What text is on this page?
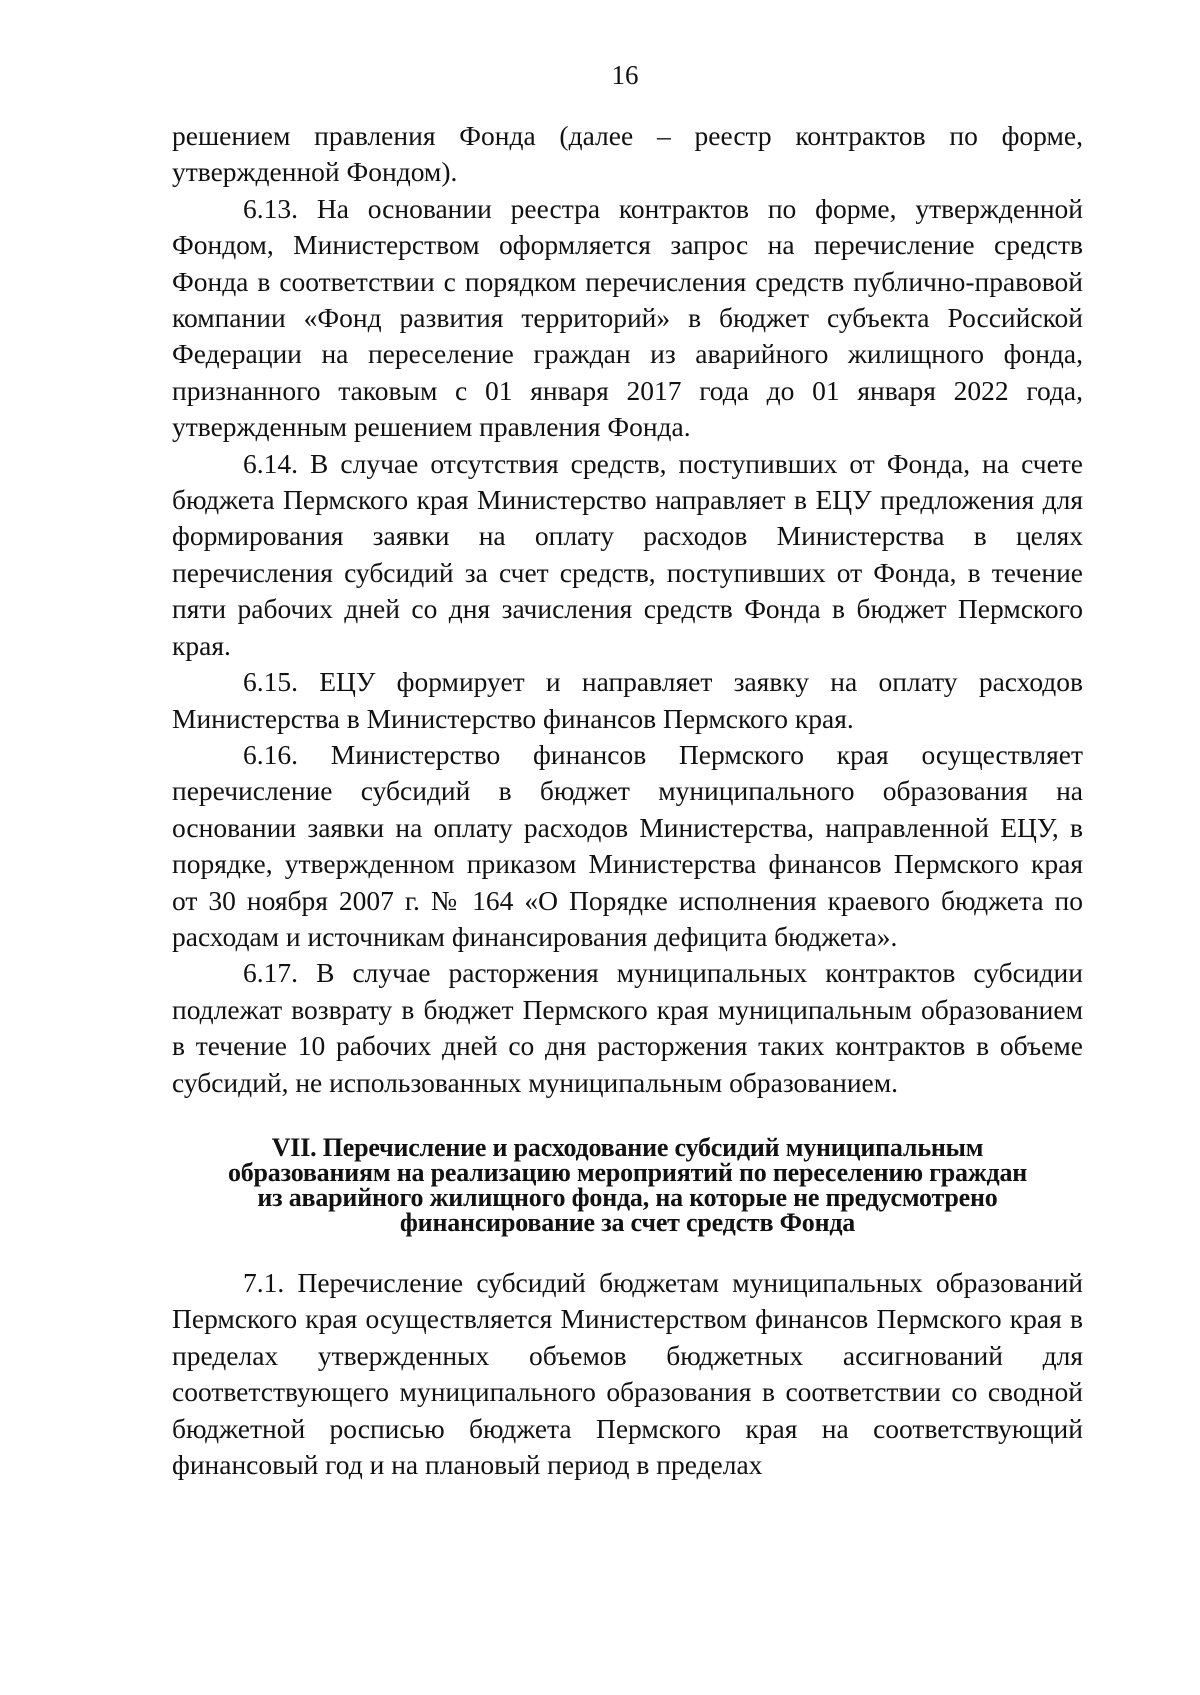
16

решением правления Фонда (далее – реестр контрактов по форме, утвержденной Фондом).

6.13. На основании реестра контрактов по форме, утвержденной Фондом, Министерством оформляется запрос на перечисление средств Фонда в соответствии с порядком перечисления средств публично-правовой компании «Фонд развития территорий» в бюджет субъекта Российской Федерации на переселение граждан из аварийного жилищного фонда, признанного таковым с 01 января 2017 года до 01 января 2022 года, утвержденным решением правления Фонда.

6.14. В случае отсутствия средств, поступивших от Фонда, на счете бюджета Пермского края Министерство направляет в ЕЦУ предложения для формирования заявки на оплату расходов Министерства в целях перечисления субсидий за счет средств, поступивших от Фонда, в течение пяти рабочих дней со дня зачисления средств Фонда в бюджет Пермского края.

6.15. ЕЦУ формирует и направляет заявку на оплату расходов Министерства в Министерство финансов Пермского края.

6.16. Министерство финансов Пермского края осуществляет перечисление субсидий в бюджет муниципального образования на основании заявки на оплату расходов Министерства, направленной ЕЦУ, в порядке, утвержденном приказом Министерства финансов Пермского края от 30 ноября 2007 г. № 164 «О Порядке исполнения краевого бюджета по расходам и источникам финансирования дефицита бюджета».

6.17. В случае расторжения муниципальных контрактов субсидии подлежат возврату в бюджет Пермского края муниципальным образованием в течение 10 рабочих дней со дня расторжения таких контрактов в объеме субсидий, не использованных муниципальным образованием.

VII. Перечисление и расходование субсидий муниципальным
образованиям на реализацию мероприятий по переселению граждан
из аварийного жилищного фонда, на которые не предусмотрено
финансирование за счет средств Фонда

7.1. Перечисление субсидий бюджетам муниципальных образований Пермского края осуществляется Министерством финансов Пермского края в пределах утвержденных объемов бюджетных ассигнований для соответствующего муниципального образования в соответствии со сводной бюджетной росписью бюджета Пермского края на соответствующий финансовый год и на плановый период в пределах
